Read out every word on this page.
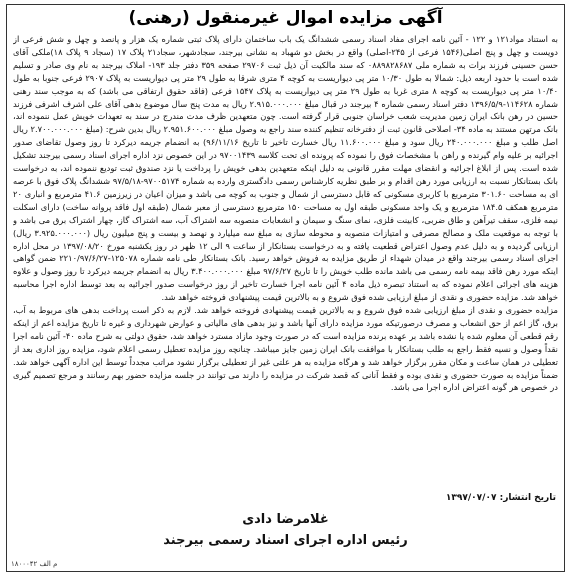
آگهی مزایده اموال غیرمنقول (رهنی)

به استناد مواد۱۲۱ و ۱۲۲ - آئین نامه اجرای مفاد اسناد رسمی ششدانگ یک باب ساختمان دارای پلاک ثبتی شماره یک هزار و پانصد و چهل و شش فرعی از دویست و چهل و پنج اصلی(۱۵۴۶ فرعی از ۲۴۵-اصلی) واقع در بخش دو شهباد به نشانی بیرجند، سجادشهر، سجاد۲۱ پلاک ۱۷ (سجاد ۹ پلاک ۱۸)ملکی آقای حسن حسینی فرزند برات به شماره ملی ۰۸۸۹۸۲۸۶۸۷ که سند مالکیت آن ذیل ثبت ۲۹۷۰۶ صفحه ۳۵۹ دفتر جلد ۱۹۳- املاک بیرجند به نام وی صادر و تسلیم شده است با حدود اربعه ذیل: شمالا به طول ۱۰/۳۰ متر پی دیواریست به کوچه ۴ متری شرقا به طول ۲۹ متر پی دیواریست به پلاک ۲۹۰۷ فرعی جنوبا به طول ۱۰/۴۰ متر پی دیواریست به کوچه ۸ متری غربا به طول ۲۹ متر پی دیواریست به پلاک ۱۵۴۷ فرعی (فاقد حقوق ارتفاقی می باشد) که به موجب سند رهنی شماره ۱۱۴۶۲۸-۱۳۹۶/۵/۹ دفتر اسناد رسمی شماره ۴ بیرجند در قبال مبلغ ۲.۹۱۵.۰۰۰.۰۰۰ ریال به مدت پنج سال موضوع بدهی آقای علی اشرف اشرفی فرزند حسین در رهن بانک ایران زمین مدیریت شعب خراسان جنوبی قرار گرفته است. چون متعهدین ظرف مدت مندرج در سند به تعهدات خویش عمل ننموده اند، بانک مرتهن مستند به ماده ۳۴- اصلاحی قانون ثبت از دفترخانه تنظیم کننده سند راجع به وصول مبلغ ۲.۹۵۱.۶۰۰.۰۰۰ ریال بدین شرح: (مبلغ ۲.۷۰۰.۰۰۰.۰۰۰ ریال اصل طلب و مبلغ ۲۴۰.۰۰۰.۰۰۰ ریال سود و مبلغ ۱۱.۶۰۰.۰۰۰ ریال خسارت تاخیر تا تاریخ ۹۶/۱۱/۱۶) به انضمام جریمه دیرکرد تا روز وصول تقاضای صدور اجرائیه بر علیه وام گیرنده و راهن با مشخصات فوق را نموده که پرونده ای تحت کلاسه ۹۷۰۰۱۴۳۹ در این خصوص نزد اداره اجرای اسناد رسمی بیرجند تشکیل شده است. پس از ابلاغ اجرائیه و انقضای مهلت مقرر قانونی به دلیل اینکه متعهدین بدهی خویش را پرداخت یا نزد صندوق ثبت تودیع ننموده اند، به درخواست بانک بستانکار نسبت به ارزیابی مورد رهن اقدام و بر طبق نظریه کارشناس رسمی دادگستری وارده به شماره ۹۷۰۰۵۱۷۴-۹۷/۵/۱۸ ششدانگ پلاک فوق با عرصه ای به مساحت ۳۰۱.۶۰ مترمربع با کاربری مسکونی که قابل دسترسی از شمال و جنوب به کوچه می باشد و میزان اعیان در زیرزمین ۴۱.۶ مترمربع و انباری ۲۰ مترمربع همکف ۱۸۴.۵ مترمربع و یک واحد مسکونی طبقه اول به مساحت ۱۵۰ مترمربع دسترسی از معبر شمال (طبقه اول فاقد پروانه ساخت) دارای اسکلت نیمه فلزی، سقف تیرآهن و طاق ضربی، کابینت فلزی، نمای سنگ و سیمان و انشعابات منصوبه سه اشتراک آب، سه اشتراک گاز، چهار اشتراک برق می باشد و با توجه به موقعیت ملک و مصالح مصرفی و امتیازات منصوبه و محوطه سازی به مبلغ سه میلیارد و نهصد و بیست و پنج میلیون ریال (۳.۹۲۵.۰۰۰.۰۰۰ ریال) ارزیابی گردیده و به دلیل عدم وصول اعتراض قطعیت یافته و به درخواست بستانکار از ساعت ۹ الی ۱۲ ظهر در روز یکشنبه مورخ ۱۳۹۷/۰۸/۲۰ در محل اداره اجرای اسناد رسمی بیرجند واقع در میدان شهداء از طریق مزایده به فروش خواهد رسید. بانک بستانکار طی نامه شماره ۱۲۵۰۷۸-۲۲۱۰/۹۷/۶/۲۷ ضمن گواهی اینکه مورد رهن فاقد بیمه نامه رسمی می باشد مانده طلب خویش را تا تاریخ ۹۷/۶/۲۷ مبلغ ۳.۴۰۰.۰۰۰.۰۰۰ ریال به انضمام جریمه دیرکرد تا روز وصول و علاوه هزینه های اجرائی اعلام نموده که به استناد تبصره ذیل ماده ۴ آئین نامه اجرا خسارت تاخیر از روز درخواست صدور اجرائیه به بعد توسط اداره اجرا محاسبه خواهد شد. مزایده حضوری و نقدی از مبلغ ارزیابی شده فوق شروع و به بالاترین قیمت پیشنهادی فروخته خواهد شد.

مزایده حضوری و نقدی از مبلغ ارزیابی شده فوق شروع و به بالاترین قیمت پیشنهادی فروخته خواهد شد. لازم به ذکر است پرداخت بدهی های مربوط به آب، برق، گاز اعم از حق انشعاب و مصرف درصورتیکه مورد مزایده دارای آنها باشد و نیز بدهی های مالیاتی و عوارض شهرداری و غیره تا تاریخ مزایده اعم از اینکه رقم قطعی آن معلوم شده یا نشده باشد بر عهده برنده مزایده است که در صورت وجود مازاد مسترد خواهد شد، حقوق دولتی به شرح ماده ۴۰- آئین نامه اجرا نقداً وصول و نسیه فقط راجع به طلب بستانکار با موافقت بانک ایران زمین جایز میباشد. چنانچه روز مزایده تعطیل رسمی اعلام شود، مزایده روز اداری بعد از تعطیلی در همان ساعت و مکان مقرر برگزار خواهد شد و هرگاه مزایده به هر علتی غیر از تعطیلی برگزار نشود مراتب مجدداً توسط این اداره آگهی خواهد شد. ضمناً مزایده به صورت حضوری و نقدی بوده و فقط آنانی که قصد شرکت در مزایده را دارند می توانند در جلسه مزایده حضور بهم رسانند و مرجع تصمیم گیری در خصوص هر گونه اعتراض اداره اجرا می باشد.

تاریخ انتشار: ۱۳۹۷/۰۷/۰۷
غلامرضا دادی
رئیس اداره اجرای اسناد رسمی بیرجند
م الف ۱۸۰۰۰۴۲
